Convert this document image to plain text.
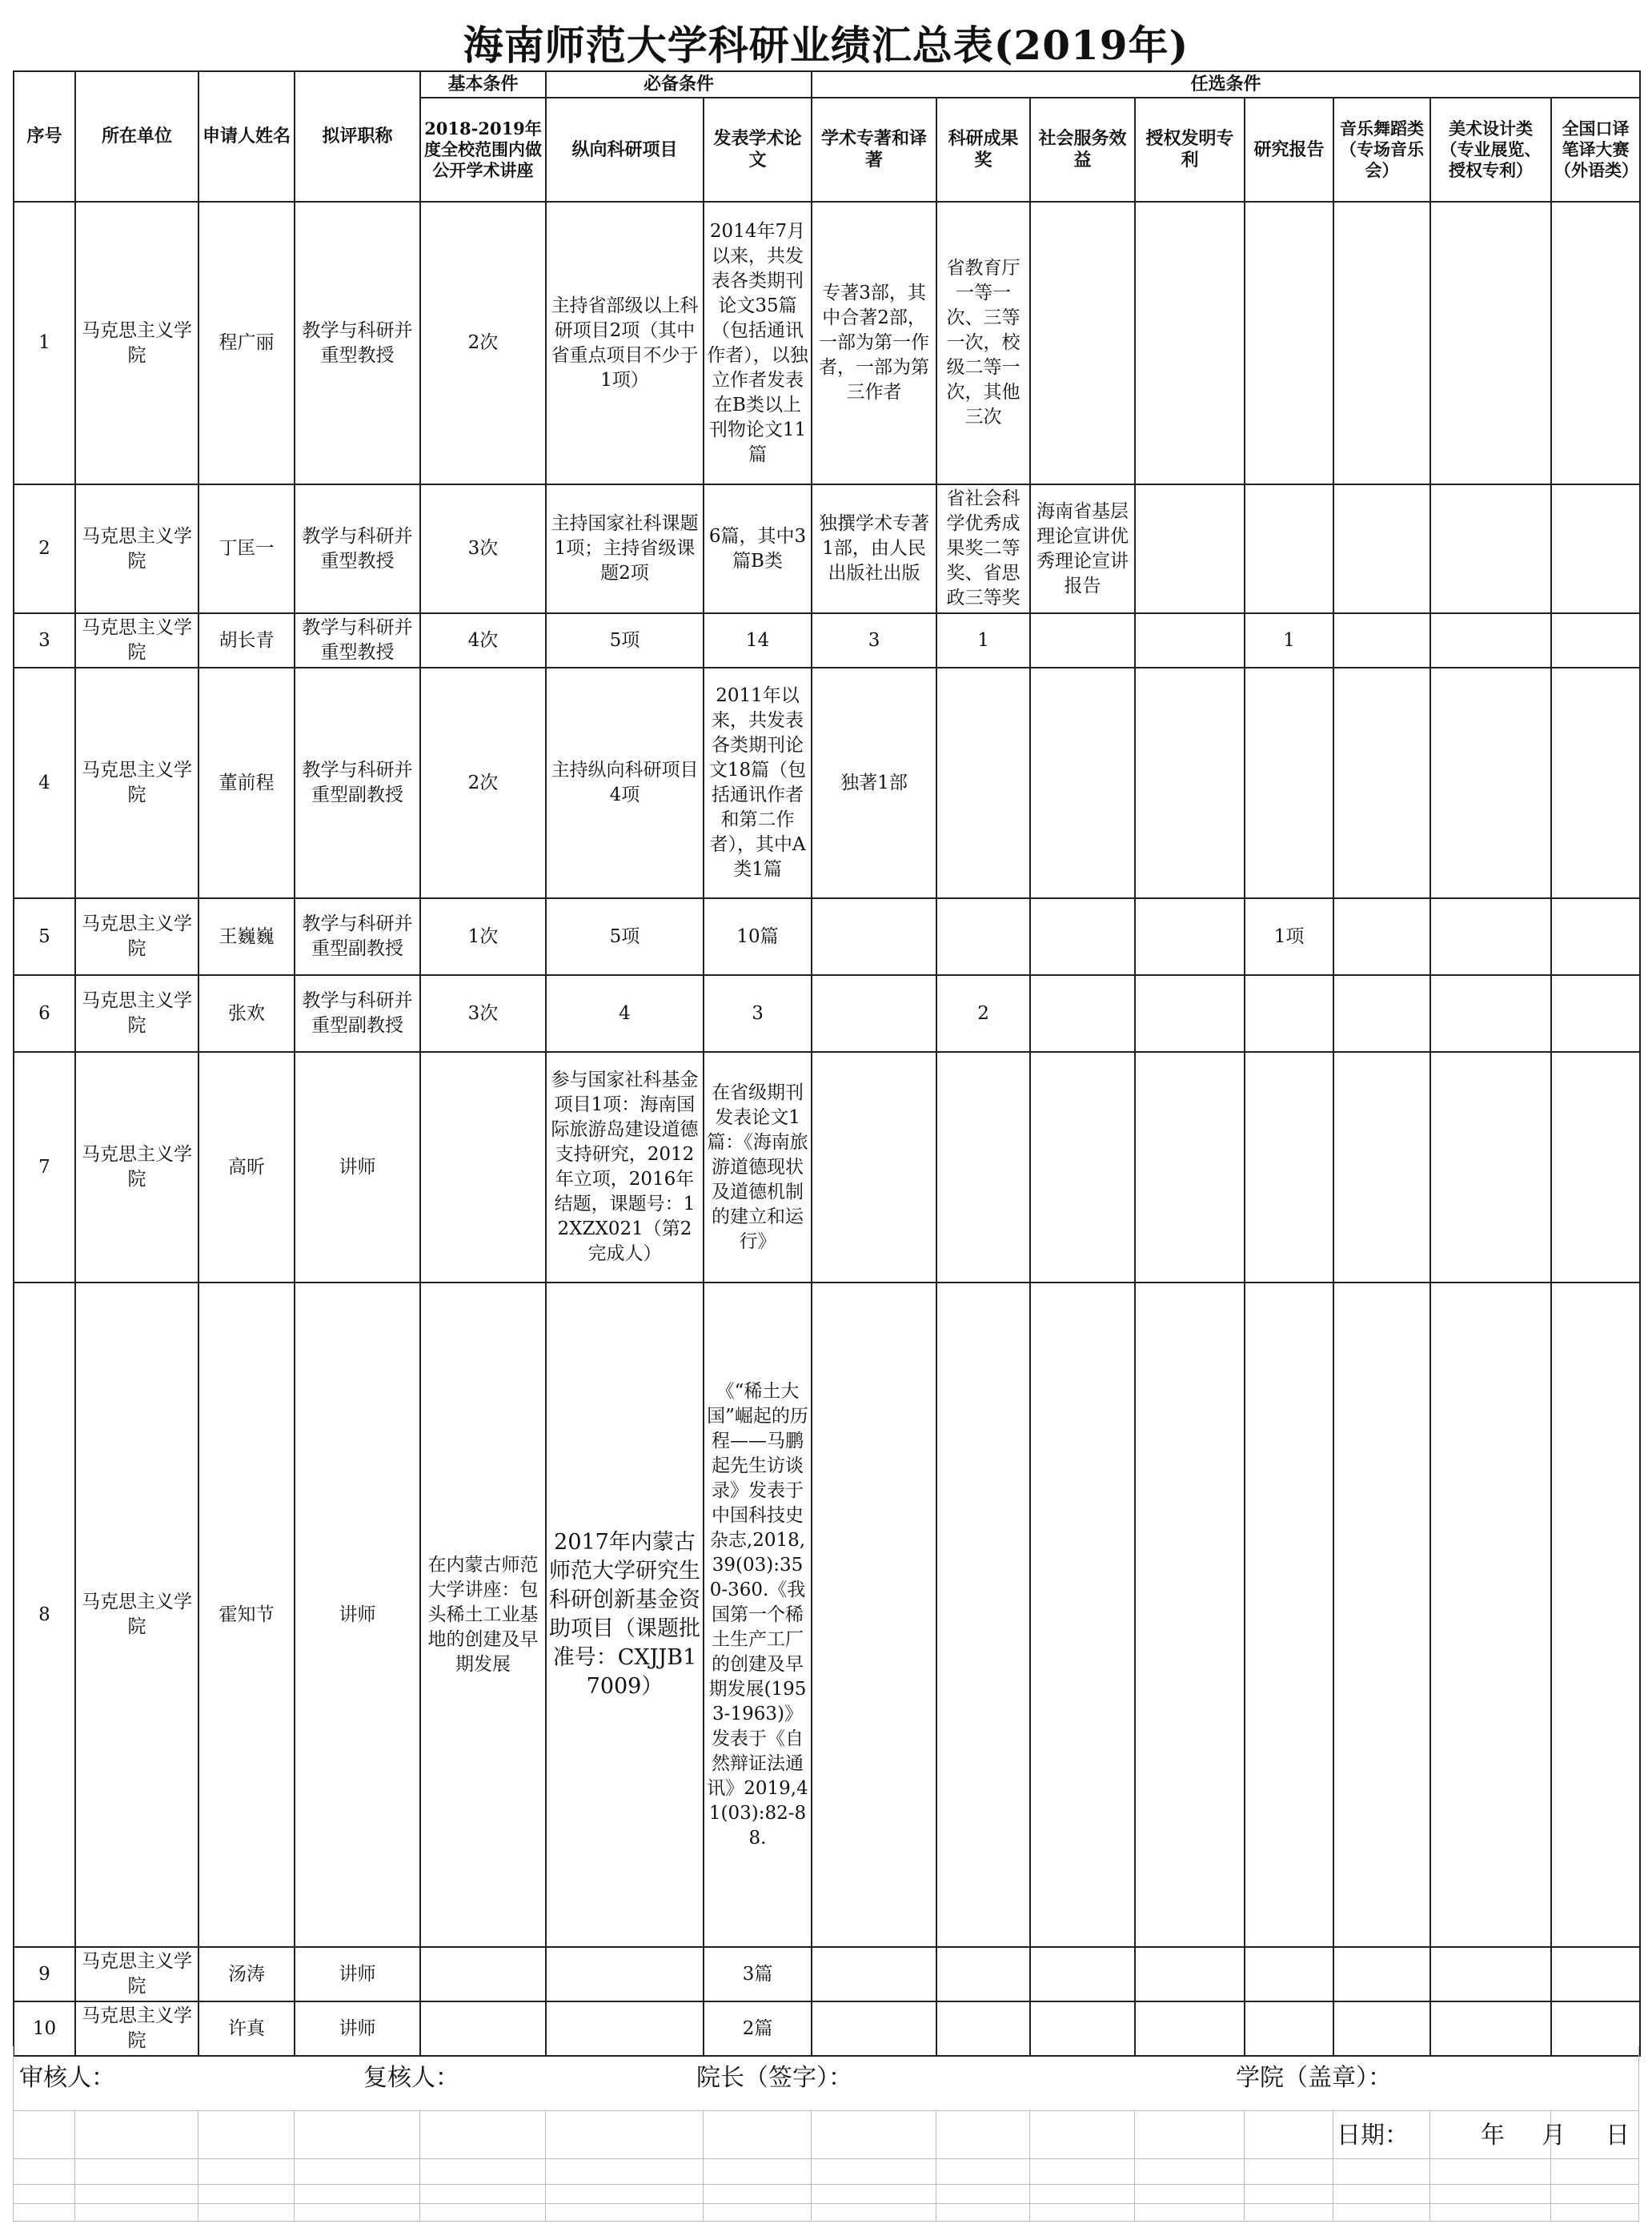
海南师范大学科研业绩汇总表(2019年)
序号	所在单位	申请人姓名	拟评职称	基本条件	必备条件		任选条件							
				2018-2019年度全校范围内做公开学术讲座	纵向科研项目	发表学术论文	学术专著和译著	科研成果奖	社会服务效益	授权发明专利	研究报告	音乐舞蹈类（专场音乐会）	美术设计类（专业展览、授权专利）	全国口译笔译大赛（外语类）
1	马克思主义学院	程广丽	教学与科研并重型教授	2次	主持省部级以上科研项目2项（其中省重点项目不少于1项）	2014年7月以来，共发表各类期刊论文35篇（包括通讯作者），以独立作者发表在B类以上刊物论文11篇	专著3部，其中合著2部，一部为第一作者，一部为第三作者	省教育厅一等一次、三等一次，校级二等一次，其他三次						
2	马克思主义学院	丁匡一	教学与科研并重型教授	3次	主持国家社科课题1项；主持省级课题2项	6篇，其中3篇B类	独撰学术专著1部，由人民出版社出版	省社会科学优秀成果奖二等奖、省思政三等奖	海南省基层理论宣讲优秀理论宣讲报告					
3	马克思主义学院	胡长青	教学与科研并重型教授	4次	5项	14	3	1			1			
4	马克思主义学院	董前程	教学与科研并重型副教授	2次	主持纵向科研项目4项	2011年以来，共发表各类期刊论文18篇（包括通讯作者和第二作者），其中A类1篇	独著1部							
5	马克思主义学院	王巍巍	教学与科研并重型副教授	1次	5项	10篇					1项			
6	马克思主义学院	张欢	教学与科研并重型副教授	3次	4	3		2						
7	马克思主义学院	高昕	讲师		参与国家社科基金项目1项：海南国际旅游岛建设道德支持研究，2012年立项，2016年结题，课题号：12XZX021（第2完成人）	在省级期刊发表论文1篇：《海南旅游道德现状及道德机制的建立和运行》								
8	马克思主义学院	霍知节	讲师	在内蒙古师范大学讲座：包头稀土工业基地的创建及早期发展	2017年内蒙古师范大学研究生科研创新基金资助项目（课题批准号：CXJJB17009）	《“稀土大国”崛起的历程——马鹏起先生访谈录》发表于中国科技史杂志,2018,39(03):350-360.《我国第一个稀土生产工厂的创建及早期发展(1953-1963)》发表于《自然辩证法通讯》2019,41(03):82-88.								
9	马克思主义学院	汤涛	讲师			3篇								
10	马克思主义学院	许真	讲师			2篇								
审核人：	复核人：	院长（签字）：	学院（盖章）：
日期：	年 月 日
